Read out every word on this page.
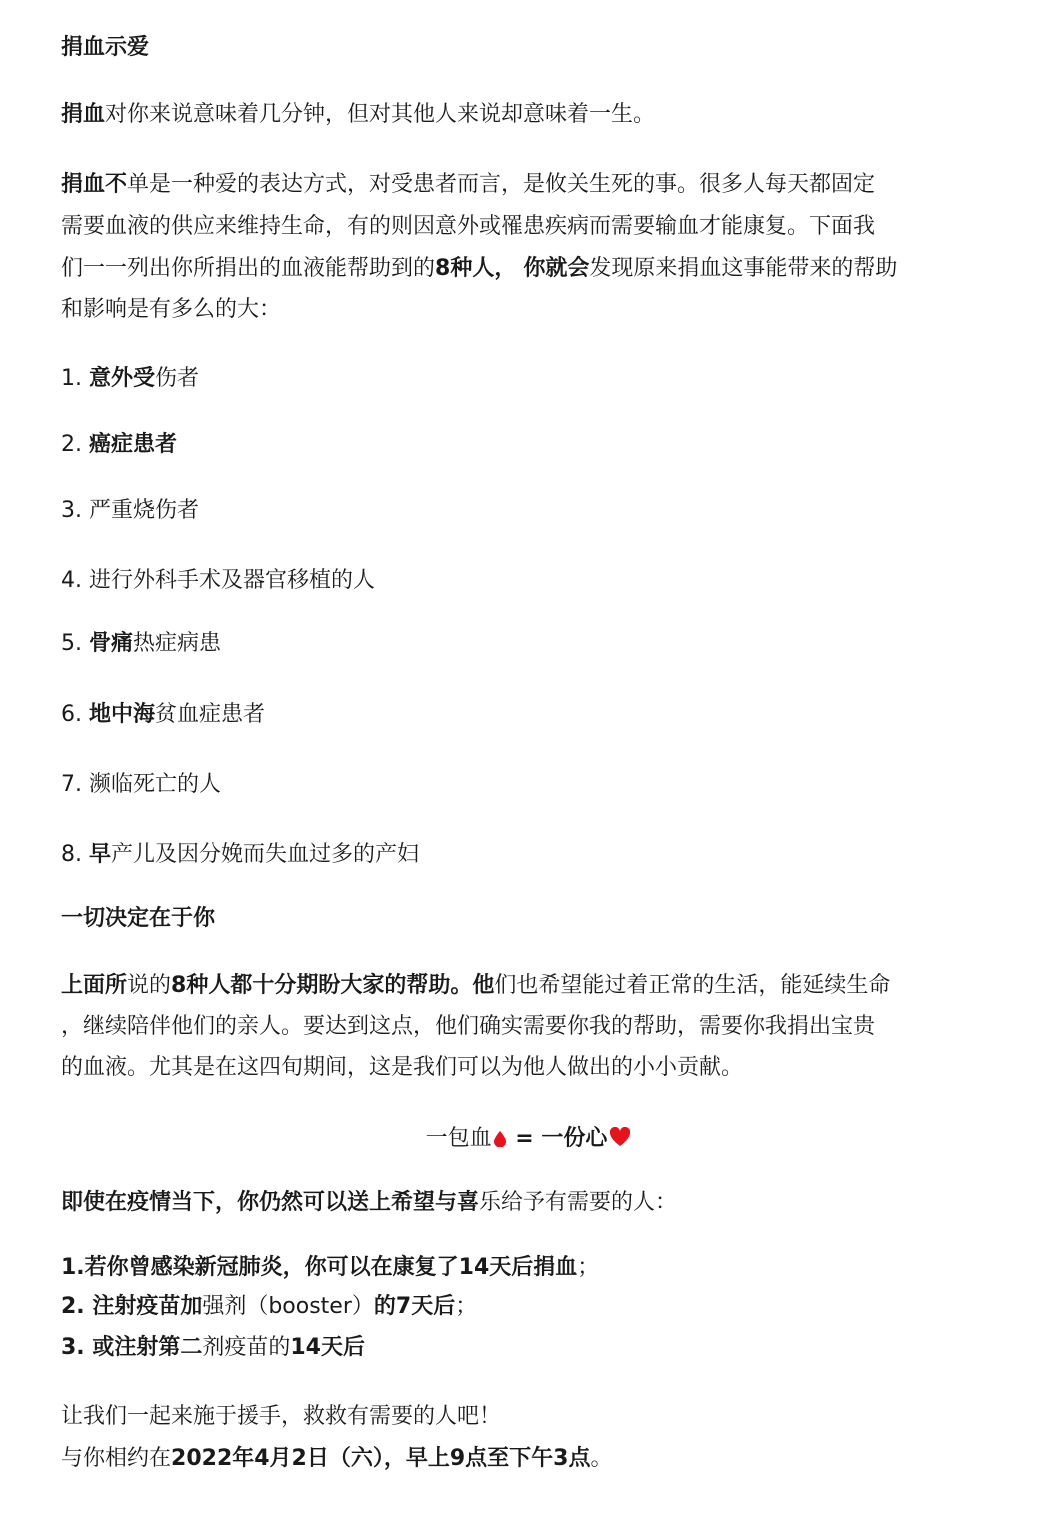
捐血示爱
捐血对你来说意味着几分钟，但对其他人来说却意味着一生。
捐血不单是一种爱的表达方式，对受患者而言，是攸关生死的事。很多人每天都固定
需要血液的供应来维持生命，有的则因意外或罹患疾病而需要输血才能康复。下面我
们一一列出你所捐出的血液能帮助到的8种人， 你就会发现原来捐血这事能带来的帮助
和影响是有多么的大：
1. 意外受伤者
2. 癌症患者
3. 严重烧伤者
4. 进行外科手术及器官移植的人
5. 骨痛热症病患
6. 地中海贫血症患者
7. 濒临死亡的人
8. 早产儿及因分娩而失血过多的产妇
一切决定在于你
上面所说的8种人都十分期盼大家的帮助。他们也希望能过着正常的生活，能延续生命
，继续陪伴他们的亲人。要达到这点，他们确实需要你我的帮助，需要你我捐出宝贵
的血液。尤其是在这四旬期间，这是我们可以为他人做出的小小贡献。
一包血 = 一份心
即使在疫情当下，你仍然可以送上希望与喜乐给予有需要的人：
1.若你曾感染新冠肺炎，你可以在康复了14天后捐血；
2. 注射疫苗加强剂（booster）的7天后；
3. 或注射第二剂疫苗的14天后
让我们一起来施于援手，救救有需要的人吧！
与你相约在2022年4月2日（六），早上9点至下午3点。
